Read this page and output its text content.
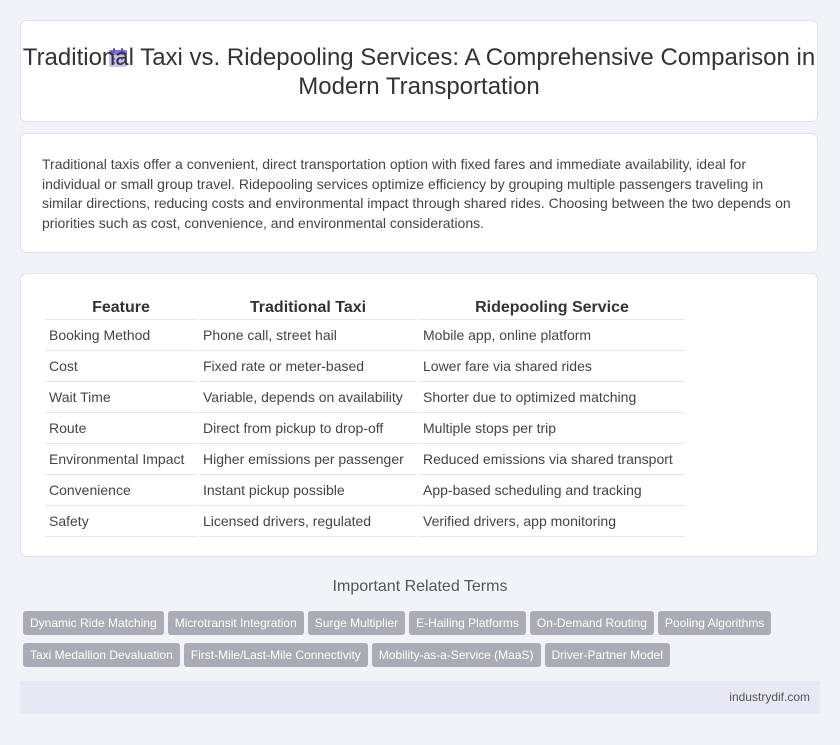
Traditional Taxi vs. Ridepooling Services: A Comprehensive Comparison in Modern Transportation

Traditional taxis offer a convenient, direct transportation option with fixed fares and immediate availability, ideal for individual or small group travel. Ridepooling services optimize efficiency by grouping multiple passengers traveling in similar directions, reducing costs and environmental impact through shared rides. Choosing between the two depends on priorities such as cost, convenience, and environmental considerations.

Feature	Traditional Taxi	Ridepooling Service
Booking Method	Phone call, street hail	Mobile app, online platform
Cost	Fixed rate or meter-based	Lower fare via shared rides
Wait Time	Variable, depends on availability	Shorter due to optimized matching
Route	Direct from pickup to drop-off	Multiple stops per trip
Environmental Impact	Higher emissions per passenger	Reduced emissions via shared transport
Convenience	Instant pickup possible	App-based scheduling and tracking
Safety	Licensed drivers, regulated	Verified drivers, app monitoring
Important Related Terms
Dynamic Ride Matching Microtransit Integration Surge Multiplier E-Hailing Platforms On-Demand Routing Pooling Algorithms
Taxi Medallion Devaluation First-Mile/Last-Mile Connectivity Mobility-as-a-Service (MaaS) Driver-Partner Model
industrydif.com
